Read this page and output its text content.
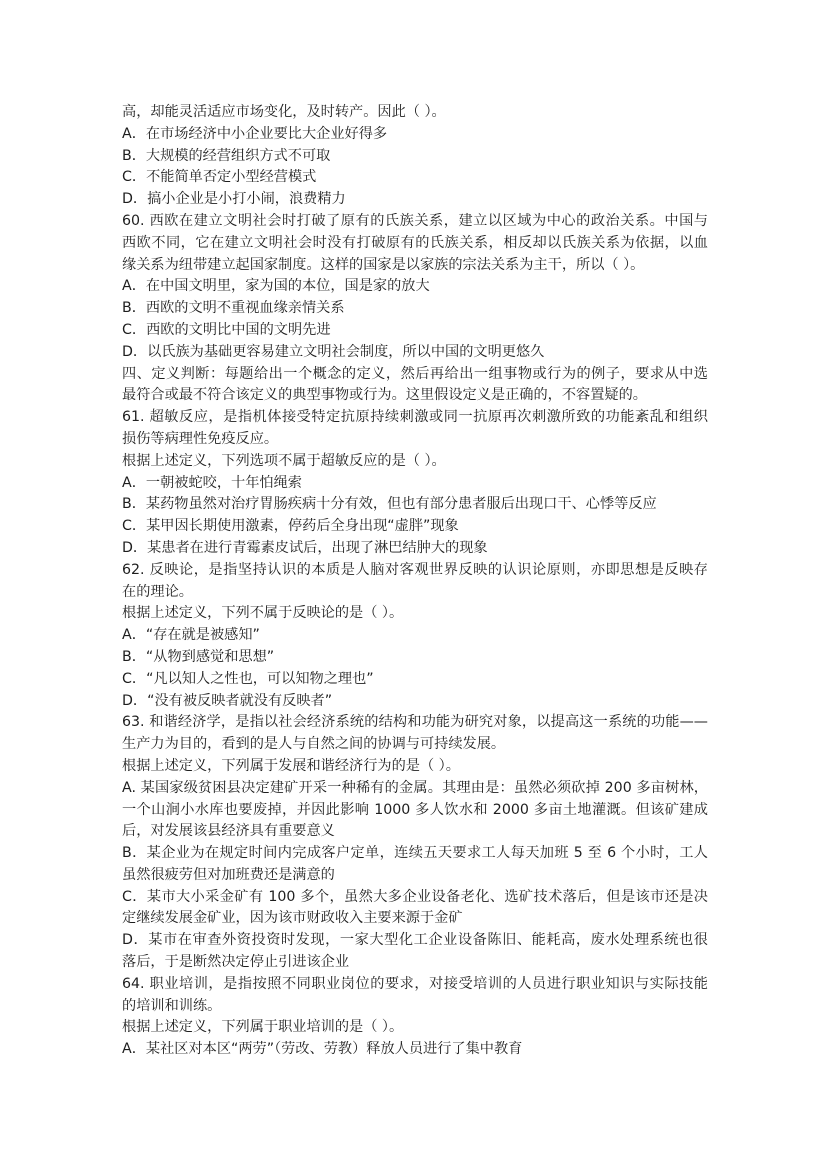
高，却能灵活适应市场变化，及时转产。因此（ ）。
A．在市场经济中小企业要比大企业好得多
B．大规模的经营组织方式不可取
C．不能简单否定小型经营模式
D．搞小企业是小打小闹，浪费精力
60. 西欧在建立文明社会时打破了原有的氏族关系，建立以区域为中心的政治关系。中国与
西欧不同，它在建立文明社会时没有打破原有的氏族关系，相反却以氏族关系为依据，以血
缘关系为纽带建立起国家制度。这样的国家是以家族的宗法关系为主干，所以（ ）。
A．在中国文明里，家为国的本位，国是家的放大
B．西欧的文明不重视血缘亲情关系
C．西欧的文明比中国的文明先进
D．以氏族为基础更容易建立文明社会制度，所以中国的文明更悠久
四、定义判断：每题给出一个概念的定义，然后再给出一组事物或行为的例子，要求从中选
最符合或最不符合该定义的典型事物或行为。这里假设定义是正确的，不容置疑的。
61. 超敏反应，是指机体接受特定抗原持续刺激或同一抗原再次刺激所致的功能紊乱和组织
损伤等病理性免疫反应。
根据上述定义，下列选项不属于超敏反应的是（ ）。
A．一朝被蛇咬，十年怕绳索
B．某药物虽然对治疗胃肠疾病十分有效，但也有部分患者服后出现口干、心悸等反应
C．某甲因长期使用激素，停药后全身出现“虚胖”现象
D．某患者在进行青霉素皮试后，出现了淋巴结肿大的现象
62. 反映论，是指坚持认识的本质是人脑对客观世界反映的认识论原则，亦即思想是反映存
在的理论。
根据上述定义，下列不属于反映论的是（ ）。
A．“存在就是被感知”
B．“从物到感觉和思想”
C．“凡以知人之性也，可以知物之理也”
D．“没有被反映者就没有反映者”
63. 和谐经济学，是指以社会经济系统的结构和功能为研究对象，以提高这一系统的功能——
生产力为目的，看到的是人与自然之间的协调与可持续发展。
根据上述定义，下列属于发展和谐经济行为的是（ ）。
A. 某国家级贫困县决定建矿开采一种稀有的金属。其理由是：虽然必须砍掉 200 多亩树林，
一个山涧小水库也要废掉，并因此影响 1000 多人饮水和 2000 多亩土地灌溉。但该矿建成
后，对发展该县经济具有重要意义
B．某企业为在规定时间内完成客户定单，连续五天要求工人每天加班 5 至 6 个小时，工人
虽然很疲劳但对加班费还是满意的
C．某市大小采金矿有 100 多个，虽然大多企业设备老化、选矿技术落后，但是该市还是决
定继续发展金矿业，因为该市财政收入主要来源于金矿
D．某市在审查外资投资时发现，一家大型化工企业设备陈旧、能耗高，废水处理系统也很
落后，于是断然决定停止引进该企业
64. 职业培训，是指按照不同职业岗位的要求，对接受培训的人员进行职业知识与实际技能
的培训和训练。
根据上述定义，下列属于职业培训的是（ ）。
A．某社区对本区“两劳”（劳改、劳教）释放人员进行了集中教育
